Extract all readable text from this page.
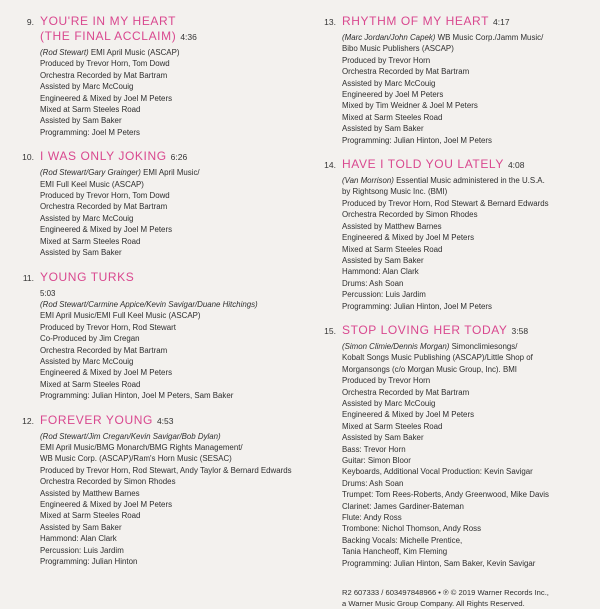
9. YOU'RE IN MY HEART
(THE FINAL ACCLAIM) 4:36
(Rod Stewart) EMI April Music (ASCAP)
Produced by Trevor Horn, Tom Dowd
Orchestra Recorded by Mat Bartram
Assisted by Marc McCouig
Engineered & Mixed by Joel M Peters
Mixed at Sarm Steeles Road
Assisted by Sam Baker
Programming: Joel M Peters
10. I WAS ONLY JOKING 6:26
(Rod Stewart/Gary Grainger) EMI April Music/
EMI Full Keel Music (ASCAP)
Produced by Trevor Horn, Tom Dowd
Orchestra Recorded by Mat Bartram
Assisted by Marc McCouig
Engineered & Mixed by Joel M Peters
Mixed at Sarm Steeles Road
Assisted by Sam Baker
11. YOUNG TURKS
5:03
(Rod Stewart/Carmine Appice/Kevin Savigar/Duane Hitchings)
EMI April Music/EMI Full Keel Music (ASCAP)
Produced by Trevor Horn, Rod Stewart
Co-Produced by Jim Cregan
Orchestra Recorded by Mat Bartram
Assisted by Marc McCouig
Engineered & Mixed by Joel M Peters
Mixed at Sarm Steeles Road
Programming: Julian Hinton, Joel M Peters, Sam Baker
12. FOREVER YOUNG 4:53
(Rod Stewart/Jim Cregan/Kevin Savigar/Bob Dylan)
EMI April Music/BMG Monarch/BMG Rights Management/
WB Music Corp. (ASCAP)/Ram's Horn Music (SESAC)
Produced by Trevor Horn, Rod Stewart, Andy Taylor & Bernard Edwards
Orchestra Recorded by Simon Rhodes
Assisted by Matthew Barnes
Engineered & Mixed by Joel M Peters
Mixed at Sarm Steeles Road
Assisted by Sam Baker
Hammond: Alan Clark
Percussion: Luis Jardim
Programming: Julian Hinton
13. RHYTHM OF MY HEART 4:17
(Marc Jordan/John Capek) WB Music Corp./Jamm Music/
Bibo Music Publishers (ASCAP)
Produced by Trevor Horn
Orchestra Recorded by Mat Bartram
Assisted by Marc McCouig
Engineered by Joel M Peters
Mixed by Tim Weidner & Joel M Peters
Mixed at Sarm Steeles Road
Assisted by Sam Baker
Programming: Julian Hinton, Joel M Peters
14. HAVE I TOLD YOU LATELY 4:08
(Van Morrison) Essential Music administered in the U.S.A.
by Rightsong Music Inc. (BMI)
Produced by Trevor Horn, Rod Stewart & Bernard Edwards
Orchestra Recorded by Simon Rhodes
Assisted by Matthew Barnes
Engineered & Mixed by Joel M Peters
Mixed at Sarm Steeles Road
Assisted by Sam Baker
Hammond: Alan Clark
Drums: Ash Soan
Percussion: Luis Jardim
Programming: Julian Hinton, Joel M Peters
15. STOP LOVING HER TODAY 3:58
(Simon Climie/Dennis Morgan) Simonclimiesongs/
Kobalt Songs Music Publishing (ASCAP)/Little Shop of
Morgansongs (c/o Morgan Music Group, Inc). BMI
Produced by Trevor Horn
Orchestra Recorded by Mat Bartram
Assisted by Marc McCouig
Engineered & Mixed by Joel M Peters
Mixed at Sarm Steeles Road
Assisted by Sam Baker
Bass: Trevor Horn
Guitar: Simon Bloor
Keyboards, Additional Vocal Production: Kevin Savigar
Drums: Ash Soan
Trumpet: Tom Rees-Roberts, Andy Greenwood, Mike Davis
Clarinet: James Gardiner-Bateman
Flute: Andy Ross
Trombone: Nichol Thomson, Andy Ross
Backing Vocals: Michelle Prentice,
Tania Hancheoff, Kim Fleming
Programming: Julian Hinton, Sam Baker, Kevin Savigar
R2 607333 / 603497848966 • ℗ © 2019 Warner Records Inc.,
a Warner Music Group Company. All Rights Reserved.
